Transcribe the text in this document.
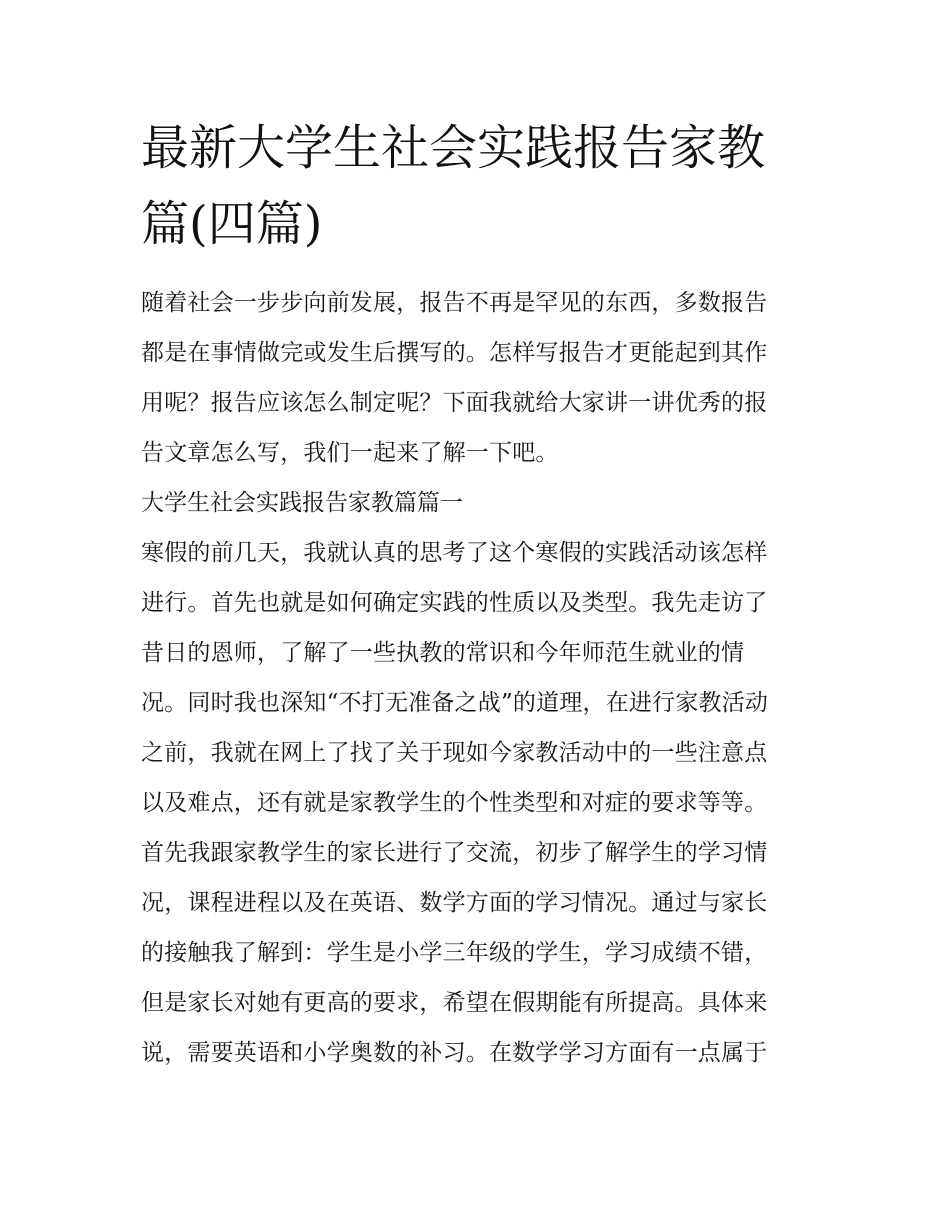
最新大学生社会实践报告家教
篇(四篇)
随着社会一步步向前发展，报告不再是罕见的东西，多数报告
都是在事情做完或发生后撰写的。怎样写报告才更能起到其作
用呢？报告应该怎么制定呢？下面我就给大家讲一讲优秀的报
告文章怎么写，我们一起来了解一下吧。
大学生社会实践报告家教篇篇一
寒假的前几天，我就认真的思考了这个寒假的实践活动该怎样
进行。首先也就是如何确定实践的性质以及类型。我先走访了
昔日的恩师，了解了一些执教的常识和今年师范生就业的情
况。同时我也深知“不打无准备之战”的道理，在进行家教活动
之前，我就在网上了找了关于现如今家教活动中的一些注意点
以及难点，还有就是家教学生的个性类型和对症的要求等等。
首先我跟家教学生的家长进行了交流，初步了解学生的学习情
况，课程进程以及在英语、数学方面的学习情况。通过与家长
的接触我了解到：学生是小学三年级的学生，学习成绩不错，
但是家长对她有更高的要求，希望在假期能有所提高。具体来
说，需要英语和小学奥数的补习。在数学学习方面有一点属于
